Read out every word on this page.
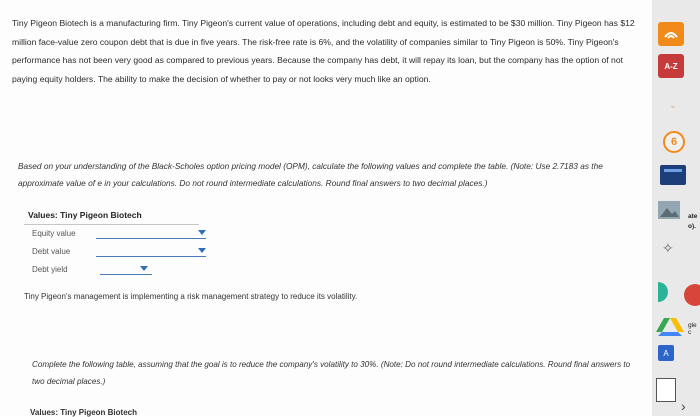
Tiny Pigeon Biotech is a manufacturing firm. Tiny Pigeon's current value of operations, including debt and equity, is estimated to be $30 million. Tiny Pigeon has $12 million face-value zero coupon debt that is due in five years. The risk-free rate is 6%, and the volatility of companies similar to Tiny Pigeon is 50%. Tiny Pigeon's performance has not been very good as compared to previous years. Because the company has debt, it will repay its loan, but the company has the option of not paying equity holders. The ability to make the decision of whether to pay or not looks very much like an option.
Based on your understanding of the Black-Scholes option pricing model (OPM), calculate the following values and complete the table. (Note: Use 2.7183 as the approximate value of e in your calculations. Do not round intermediate calculations. Round final answers to two decimal places.)
Values: Tiny Pigeon Biotech
Equity value
Debt value
Debt yield
Tiny Pigeon's management is implementing a risk management strategy to reduce its volatility.
Complete the following table, assuming that the goal is to reduce the company's volatility to 30%. (Note: Do not round intermediate calculations. Round final answers to two decimal places.)
Values: Tiny Pigeon Biotech
A-Z
◔◦
6
ate
o).
✧
gle c
A
›
